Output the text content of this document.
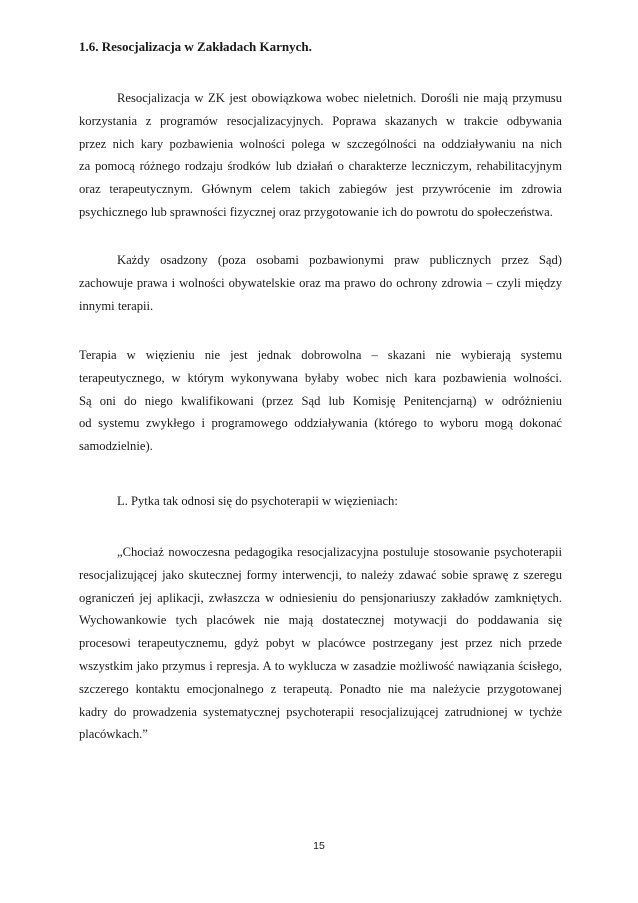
1.6. Resocjalizacja w Zakładach Karnych.
Resocjalizacja w ZK jest obowiązkowa wobec nieletnich. Dorośli nie mają przymusu
korzystania z programów resocjalizacyjnych. Poprawa skazanych w trakcie odbywania
przez nich kary pozbawienia wolności polega w szczególności na oddziaływaniu na nich
za pomocą różnego rodzaju środków lub działań o charakterze leczniczym, rehabilitacyjnym
oraz terapeutycznym. Głównym celem takich zabiegów jest przywrócenie im zdrowia
psychicznego lub sprawności fizycznej oraz przygotowanie ich do powrotu do społeczeństwa.
Każdy osadzony (poza osobami pozbawionymi praw publicznych przez Sąd)
zachowuje prawa i wolności obywatelskie oraz ma prawo do ochrony zdrowia – czyli między
innymi terapii.
Terapia w więzieniu nie jest jednak dobrowolna – skazani nie wybierają systemu
terapeutycznego, w którym wykonywana byłaby wobec nich kara pozbawienia wolności.
Są oni do niego kwalifikowani (przez Sąd lub Komisję Penitencjarną) w odróżnieniu
od systemu zwykłego i programowego oddziaływania (którego to wyboru mogą dokonać
samodzielnie).
L. Pytka tak odnosi się do psychoterapii w więzieniach:
„Chociaż nowoczesna pedagogika resocjalizacyjna postuluje stosowanie psychoterapii
resocjalizującej jako skutecznej formy interwencji, to należy zdawać sobie sprawę z szeregu
ograniczeń jej aplikacji, zwłaszcza w odniesieniu do pensjonariuszy zakładów zamkniętych.
Wychowankowie tych placówek nie mają dostatecznej motywacji do poddawania się
procesowi terapeutycznemu, gdyż pobyt w placówce postrzegany jest przez nich przede
wszystkim jako przymus i represja. A to wyklucza w zasadzie możliwość nawiązania ścisłego,
szczerego kontaktu emocjonalnego z terapeutą. Ponadto nie ma należycie przygotowanej
kadry do prowadzenia systematycznej psychoterapii resocjalizującej zatrudnionej w tychże
placówkach.”
15
